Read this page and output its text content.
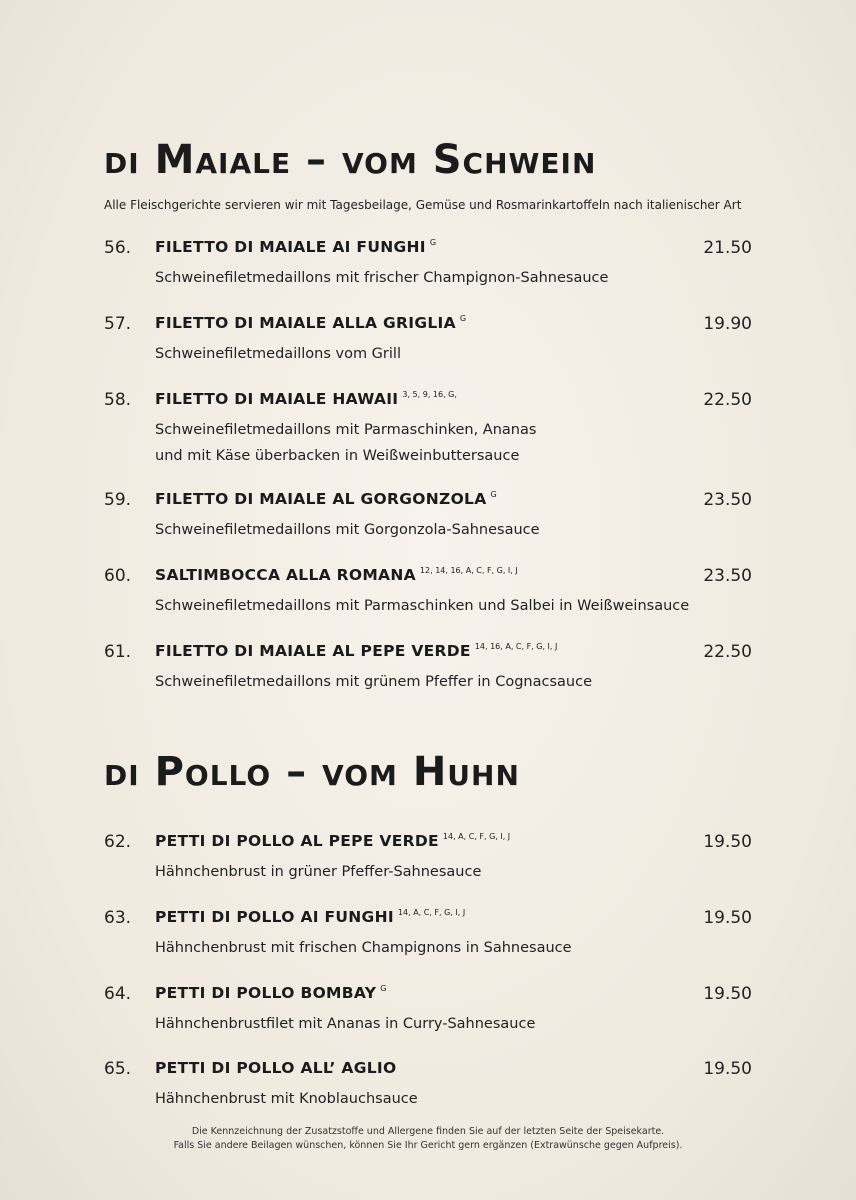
di Maiale – vom Schwein

Alle Fleischgerichte servieren wir mit Tagesbeilage, Gemüse und Rosmarinkartoffeln nach italienischer Art

56. FILETTO DI MAIALE AI FUNGHI $^G$	21.50
Schweinefiletmedaillons mit frischer Champignon-Sahnesauce
57. FILETTO DI MAIALE ALLA GRIGLIA $^G$	19.90
Schweinefiletmedaillons vom Grill
58. FILETTO DI MAIALE HAWAII $^{3, 5, 9, 16, G,}$	22.50
Schweinefiletmedaillons mit Parmaschinken, Ananas
und mit Käse überbacken in Weißweinbuttersauce
59. FILETTO DI MAIALE AL GORGONZOLA $^G$	23.50
Schweinefiletmedaillons mit Gorgonzola-Sahnesauce
60. SALTIMBOCCA ALLA ROMANA $^{12, 14, 16, A, C, F, G, I, J}$	23.50
Schweinefiletmedaillons mit Parmaschinken und Salbei in Weißweinsauce
61. FILETTO DI MAIALE AL PEPE VERDE $^{14, 16, A, C, F, G, I, J}$	22.50
Schweinefiletmedaillons mit grünem Pfeffer in Cognacsauce
di Pollo – vom Huhn
62. PETTI DI POLLO AL PEPE VERDE $^{14, A, C, F, G, I, J}$	19.50
Hähnchenbrust in grüner Pfeffer-Sahnesauce
63. PETTI DI POLLO AI FUNGHI $^{14, A, C, F, G, I, J}$	19.50
Hähnchenbrust mit frischen Champignons in Sahnesauce
64. PETTI DI POLLO BOMBAY $^G$	19.50
Hähnchenbrustfilet mit Ananas in Curry-Sahnesauce
65. PETTI DI POLLO ALL’ AGLIO	19.50
Hähnchenbrust mit Knoblauchsauce
Die Kennzeichnung der Zusatzstoffe und Allergene finden Sie auf der letzten Seite der Speisekarte.
Falls Sie andere Beilagen wünschen, können Sie Ihr Gericht gern ergänzen (Extrawünsche gegen Aufpreis).
